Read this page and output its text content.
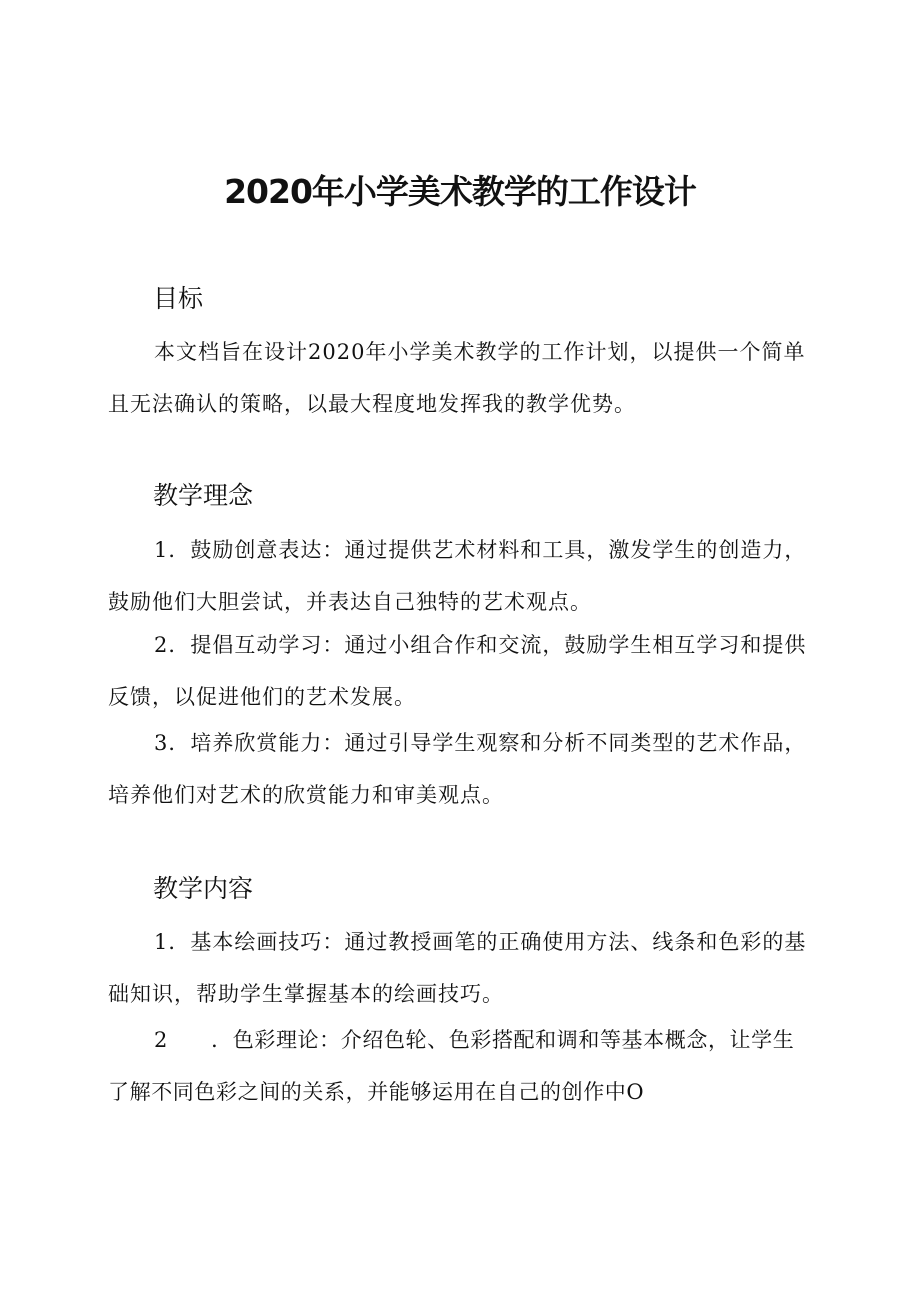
2020年小学美术教学的工作设计
目标

本文档旨在设计2020年小学美术教学的工作计划，以提供一个简单且无法确认的策略，以最大程度地发挥我的教学优势。

教学理念

1．鼓励创意表达：通过提供艺术材料和工具，激发学生的创造力，鼓励他们大胆尝试，并表达自己独特的艺术观点。

2．提倡互动学习：通过小组合作和交流，鼓励学生相互学习和提供反馈，以促进他们的艺术发展。

3．培养欣赏能力：通过引导学生观察和分析不同类型的艺术作品，培养他们对艺术的欣赏能力和审美观点。

教学内容

1．基本绘画技巧：通过教授画笔的正确使用方法、线条和色彩的基础知识，帮助学生掌握基本的绘画技巧。

2　　．色彩理论：介绍色轮、色彩搭配和调和等基本概念，让学生了解不同色彩之间的关系，并能够运用在自己的创作中O
